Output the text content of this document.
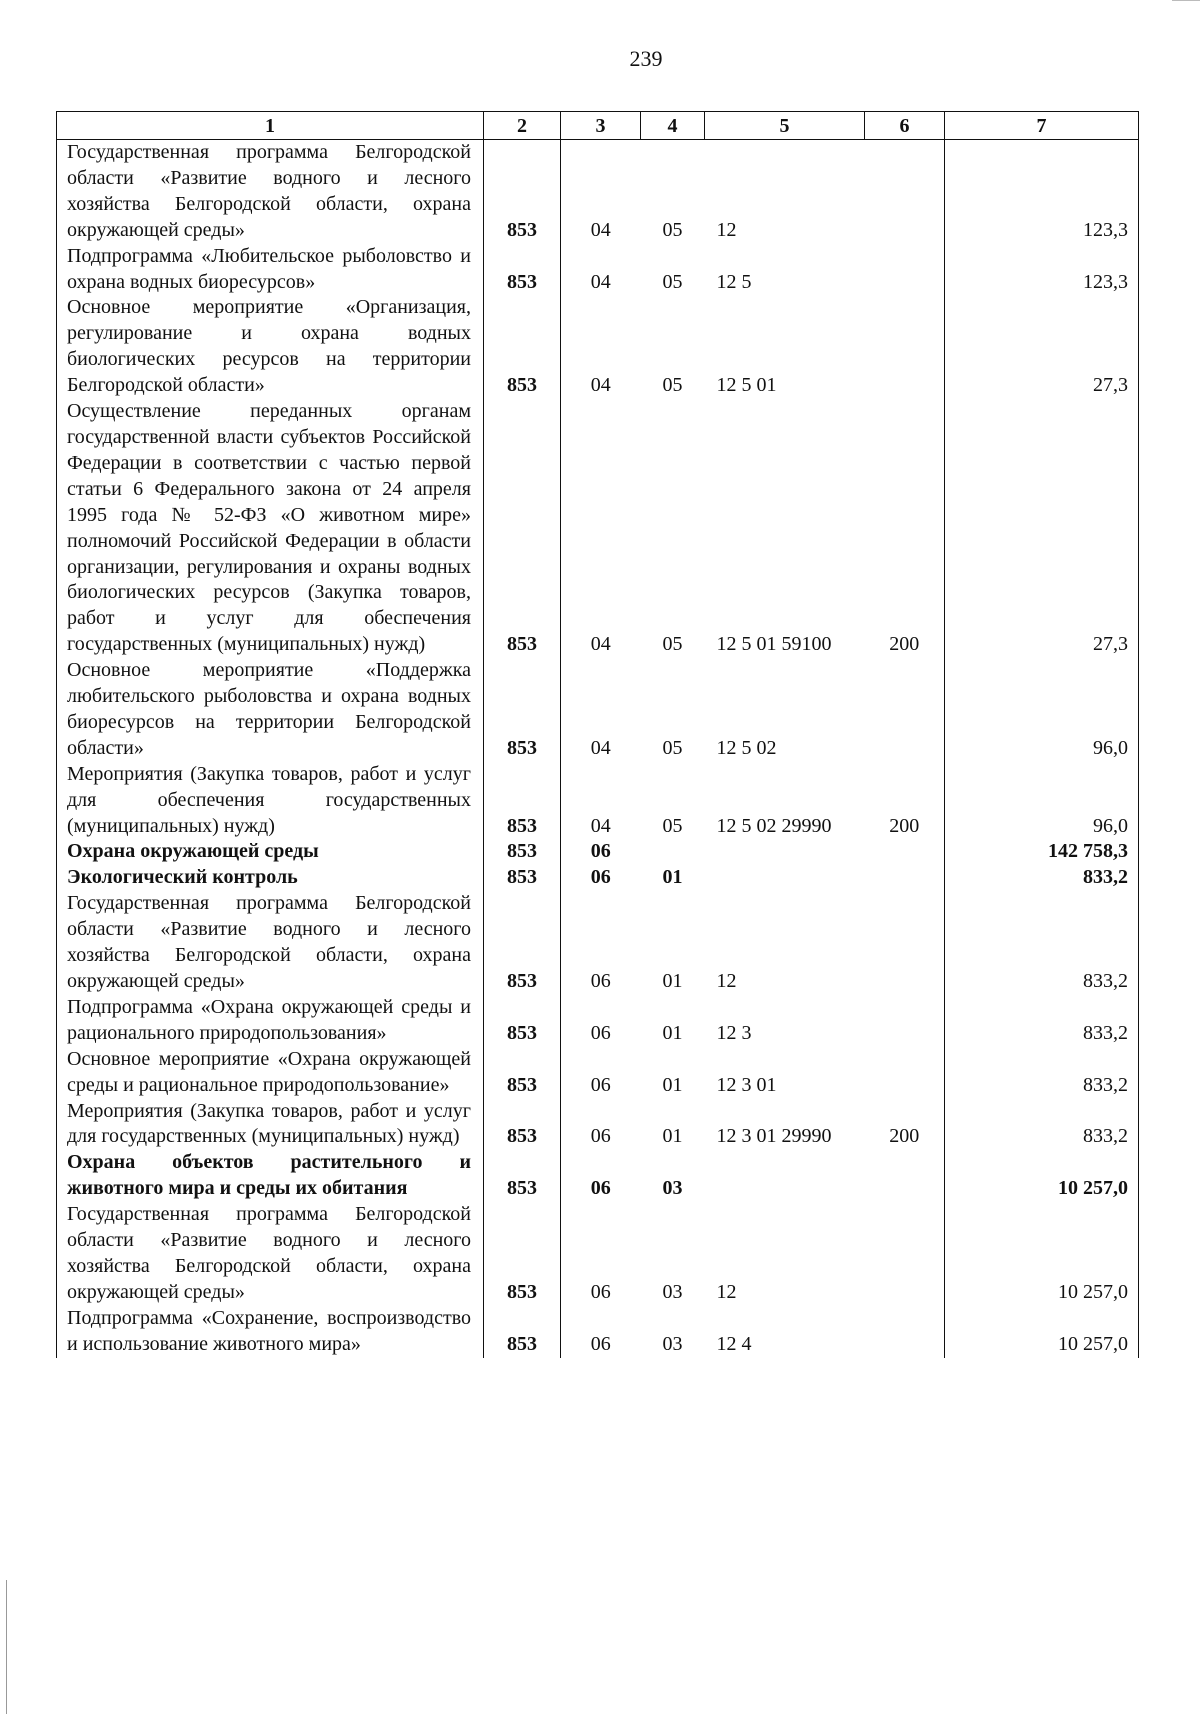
239
1	2	3	4	5	6	7
Государственная программа Белгородской области «Развитие водного и лесного хозяйства Белгородской области, охрана окружающей среды»	853	04	05	12		123,3
Подпрограмма «Любительское рыболовство и охрана водных биоресурсов»	853	04	05	12 5		123,3
Основное мероприятие «Организация, регулирование и охрана водных биологических ресурсов на территории Белгородской области»	853	04	05	12 5 01		27,3
Осуществление переданных органам государственной власти субъектов Российской Федерации в соответствии с частью первой статьи 6 Федерального закона от 24 апреля 1995 года № 52-ФЗ «О животном мире» полномочий Российской Федерации в области организации, регулирования и охраны водных биологических ресурсов (Закупка товаров, работ и услуг для обеспечения государственных (муниципальных) нужд)	853	04	05	12 5 01 59100	200	27,3
Основное мероприятие «Поддержка любительского рыболовства и охрана водных биоресурсов на территории Белгородской области»	853	04	05	12 5 02		96,0
Мероприятия (Закупка товаров, работ и услуг для обеспечения государственных (муниципальных) нужд)	853	04	05	12 5 02 29990	200	96,0
Охрана окружающей среды	853	06				142 758,3
Экологический контроль	853	06	01			833,2
Государственная программа Белгородской области «Развитие водного и лесного хозяйства Белгородской области, охрана окружающей среды»	853	06	01	12		833,2
Подпрограмма «Охрана окружающей среды и рационального природопользования»	853	06	01	12 3		833,2
Основное мероприятие «Охрана окружающей среды и рациональное природопользование»	853	06	01	12 3 01		833,2
Мероприятия (Закупка товаров, работ и услуг для государственных (муниципальных) нужд)	853	06	01	12 3 01 29990	200	833,2
Охрана объектов растительного и животного мира и среды их обитания	853	06	03			10 257,0
Государственная программа Белгородской области «Развитие водного и лесного хозяйства Белгородской области, охрана окружающей среды»	853	06	03	12		10 257,0
Подпрограмма «Сохранение, воспроизводство и использование животного мира»	853	06	03	12 4		10 257,0
